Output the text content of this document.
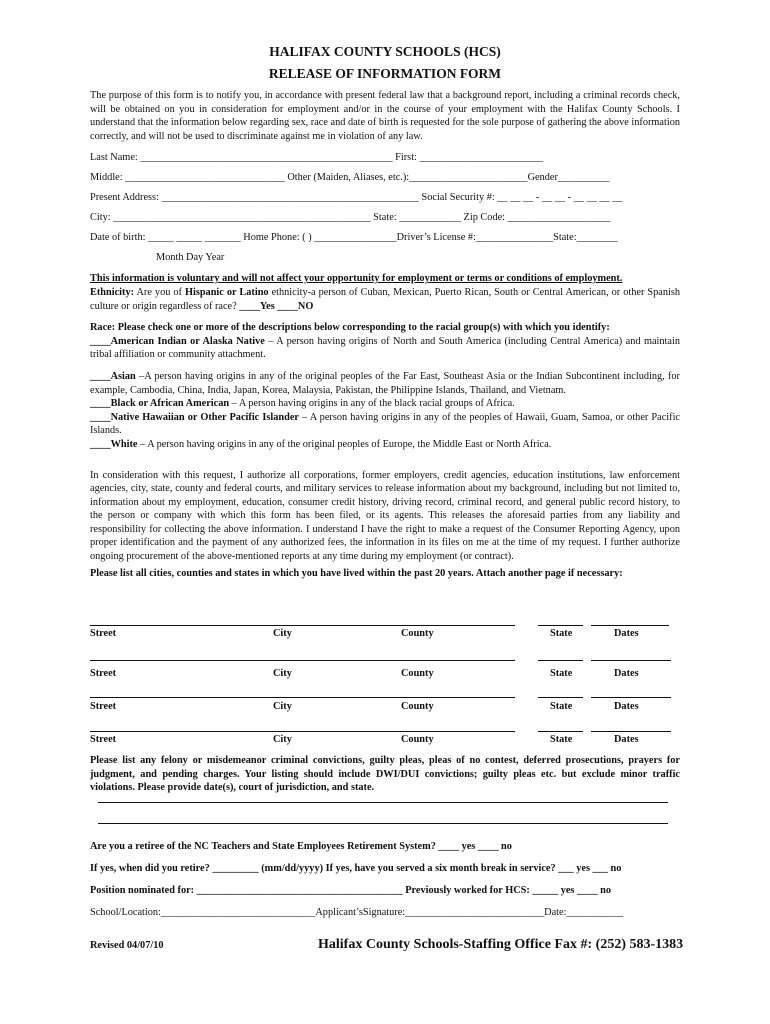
HALIFAX COUNTY SCHOOLS (HCS)
RELEASE OF INFORMATION FORM
The purpose of this form is to notify you, in accordance with present federal law that a background report, including a criminal records check, will be obtained on you in consideration for employment and/or in the course of your employment with the Halifax County Schools. I understand that the information below regarding sex, race and date of birth is requested for the sole purpose of gathering the above information correctly, and will not be used to discriminate against me in violation of any law.
Last Name: _________________________________________________ First: ________________________
Middle: _______________________________ Other (Maiden, Aliases, etc.):_______________________Gender__________
Present Address: __________________________________________________ Social Security #: __ __ __ - __ __ - __ __ __ __
City: __________________________________________________ State: ____________ Zip Code: ____________________
Date of birth: _____ _____ _______ Home Phone: ( ) ________________Driver’s License #:_______________State:________
Month Day Year
This information is voluntary and will not affect your opportunity for employment or terms or conditions of employment.
Ethnicity: Are you of Hispanic or Latino ethnicity-a person of Cuban, Mexican, Puerto Rican, South or Central American, or other Spanish culture or origin regardless of race? ____Yes ____NO
Race: Please check one or more of the descriptions below corresponding to the racial group(s) with which you identify:
____American Indian or Alaska Native – A person having origins of North and South America (including Central America) and maintain tribal affiliation or community attachment.
____Asian –A person having origins in any of the original peoples of the Far East, Southeast Asia or the Indian Subcontinent including, for example, Cambodia, China, India, Japan, Korea, Malaysia, Pakistan, the Philippine Islands, Thailand, and Vietnam.
____Black or African American – A person having origins in any of the black racial groups of Africa.
____Native Hawaiian or Other Pacific Islander – A person having origins in any of the peoples of Hawaii, Guam, Samoa, or other Pacific Islands.
____White – A person having origins in any of the original peoples of Europe, the Middle East or North Africa.
In consideration with this request, I authorize all corporations, former employers, credit agencies, education institutions, law enforcement agencies, city, state, county and federal courts, and military services to release information about my background, including but not limited to, information about my employment, education, consumer credit history, driving record, criminal record, and general public record history, to the person or company with which this form has been filed, or its agents. This releases the aforesaid parties from any liability and responsibility for collecting the above information. I understand I have the right to make a request of the Consumer Reporting Agency, upon proper identification and the payment of any authorized fees, the information in its files on me at the time of my request. I further authorize ongoing procurement of the above-mentioned reports at any time during my employment (or contract).
Please list all cities, counties and states in which you have lived within the past 20 years. Attach another page if necessary:
Street	City	County	State	Dates
Street	City	County	State	Dates
Street	City	County	State	Dates
Street	City	County	State	Dates
Please list any felony or misdemeanor criminal convictions, guilty pleas, pleas of no contest, deferred prosecutions, prayers for judgment, and pending charges. Your listing should include DWI/DUI convictions; guilty pleas etc. but exclude minor traffic violations. Please provide date(s), court of jurisdiction, and state.
Are you a retiree of the NC Teachers and State Employees Retirement System? ____ yes ____ no
If yes, when did you retire? _________ (mm/dd/yyyy) If yes, have you served a six month break in service? ___ yes ___ no
Position nominated for: ________________________________________ Previously worked for HCS: _____ yes ____ no
School/Location:______________________________Applicant’sSignature:___________________________Date:___________
Revised 04/07/10	Halifax County Schools-Staffing Office Fax #: (252) 583-1383
